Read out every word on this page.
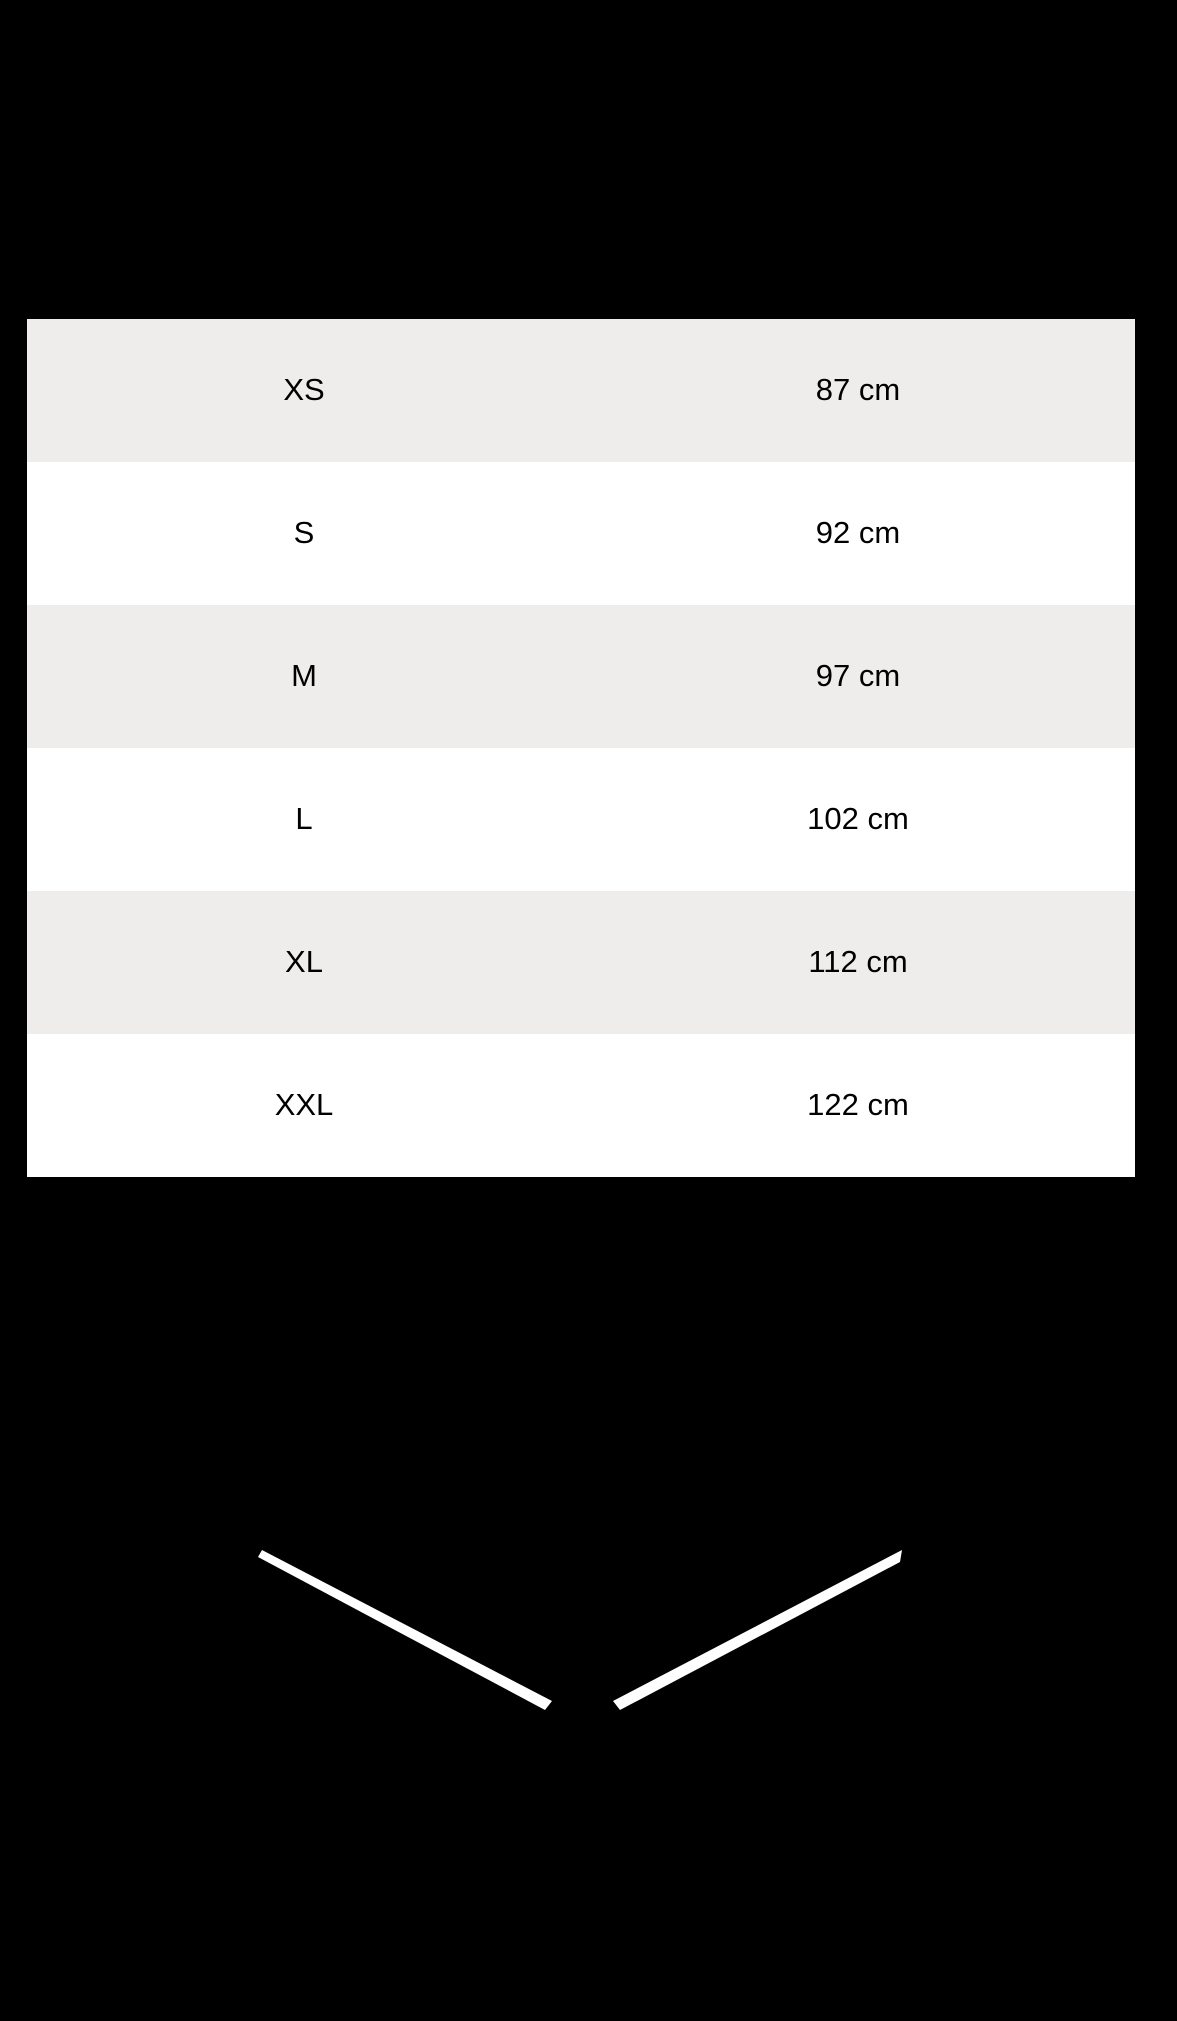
XS	87 cm
S	92 cm
M	97 cm
L	102 cm
XL	112 cm
XXL	122 cm
